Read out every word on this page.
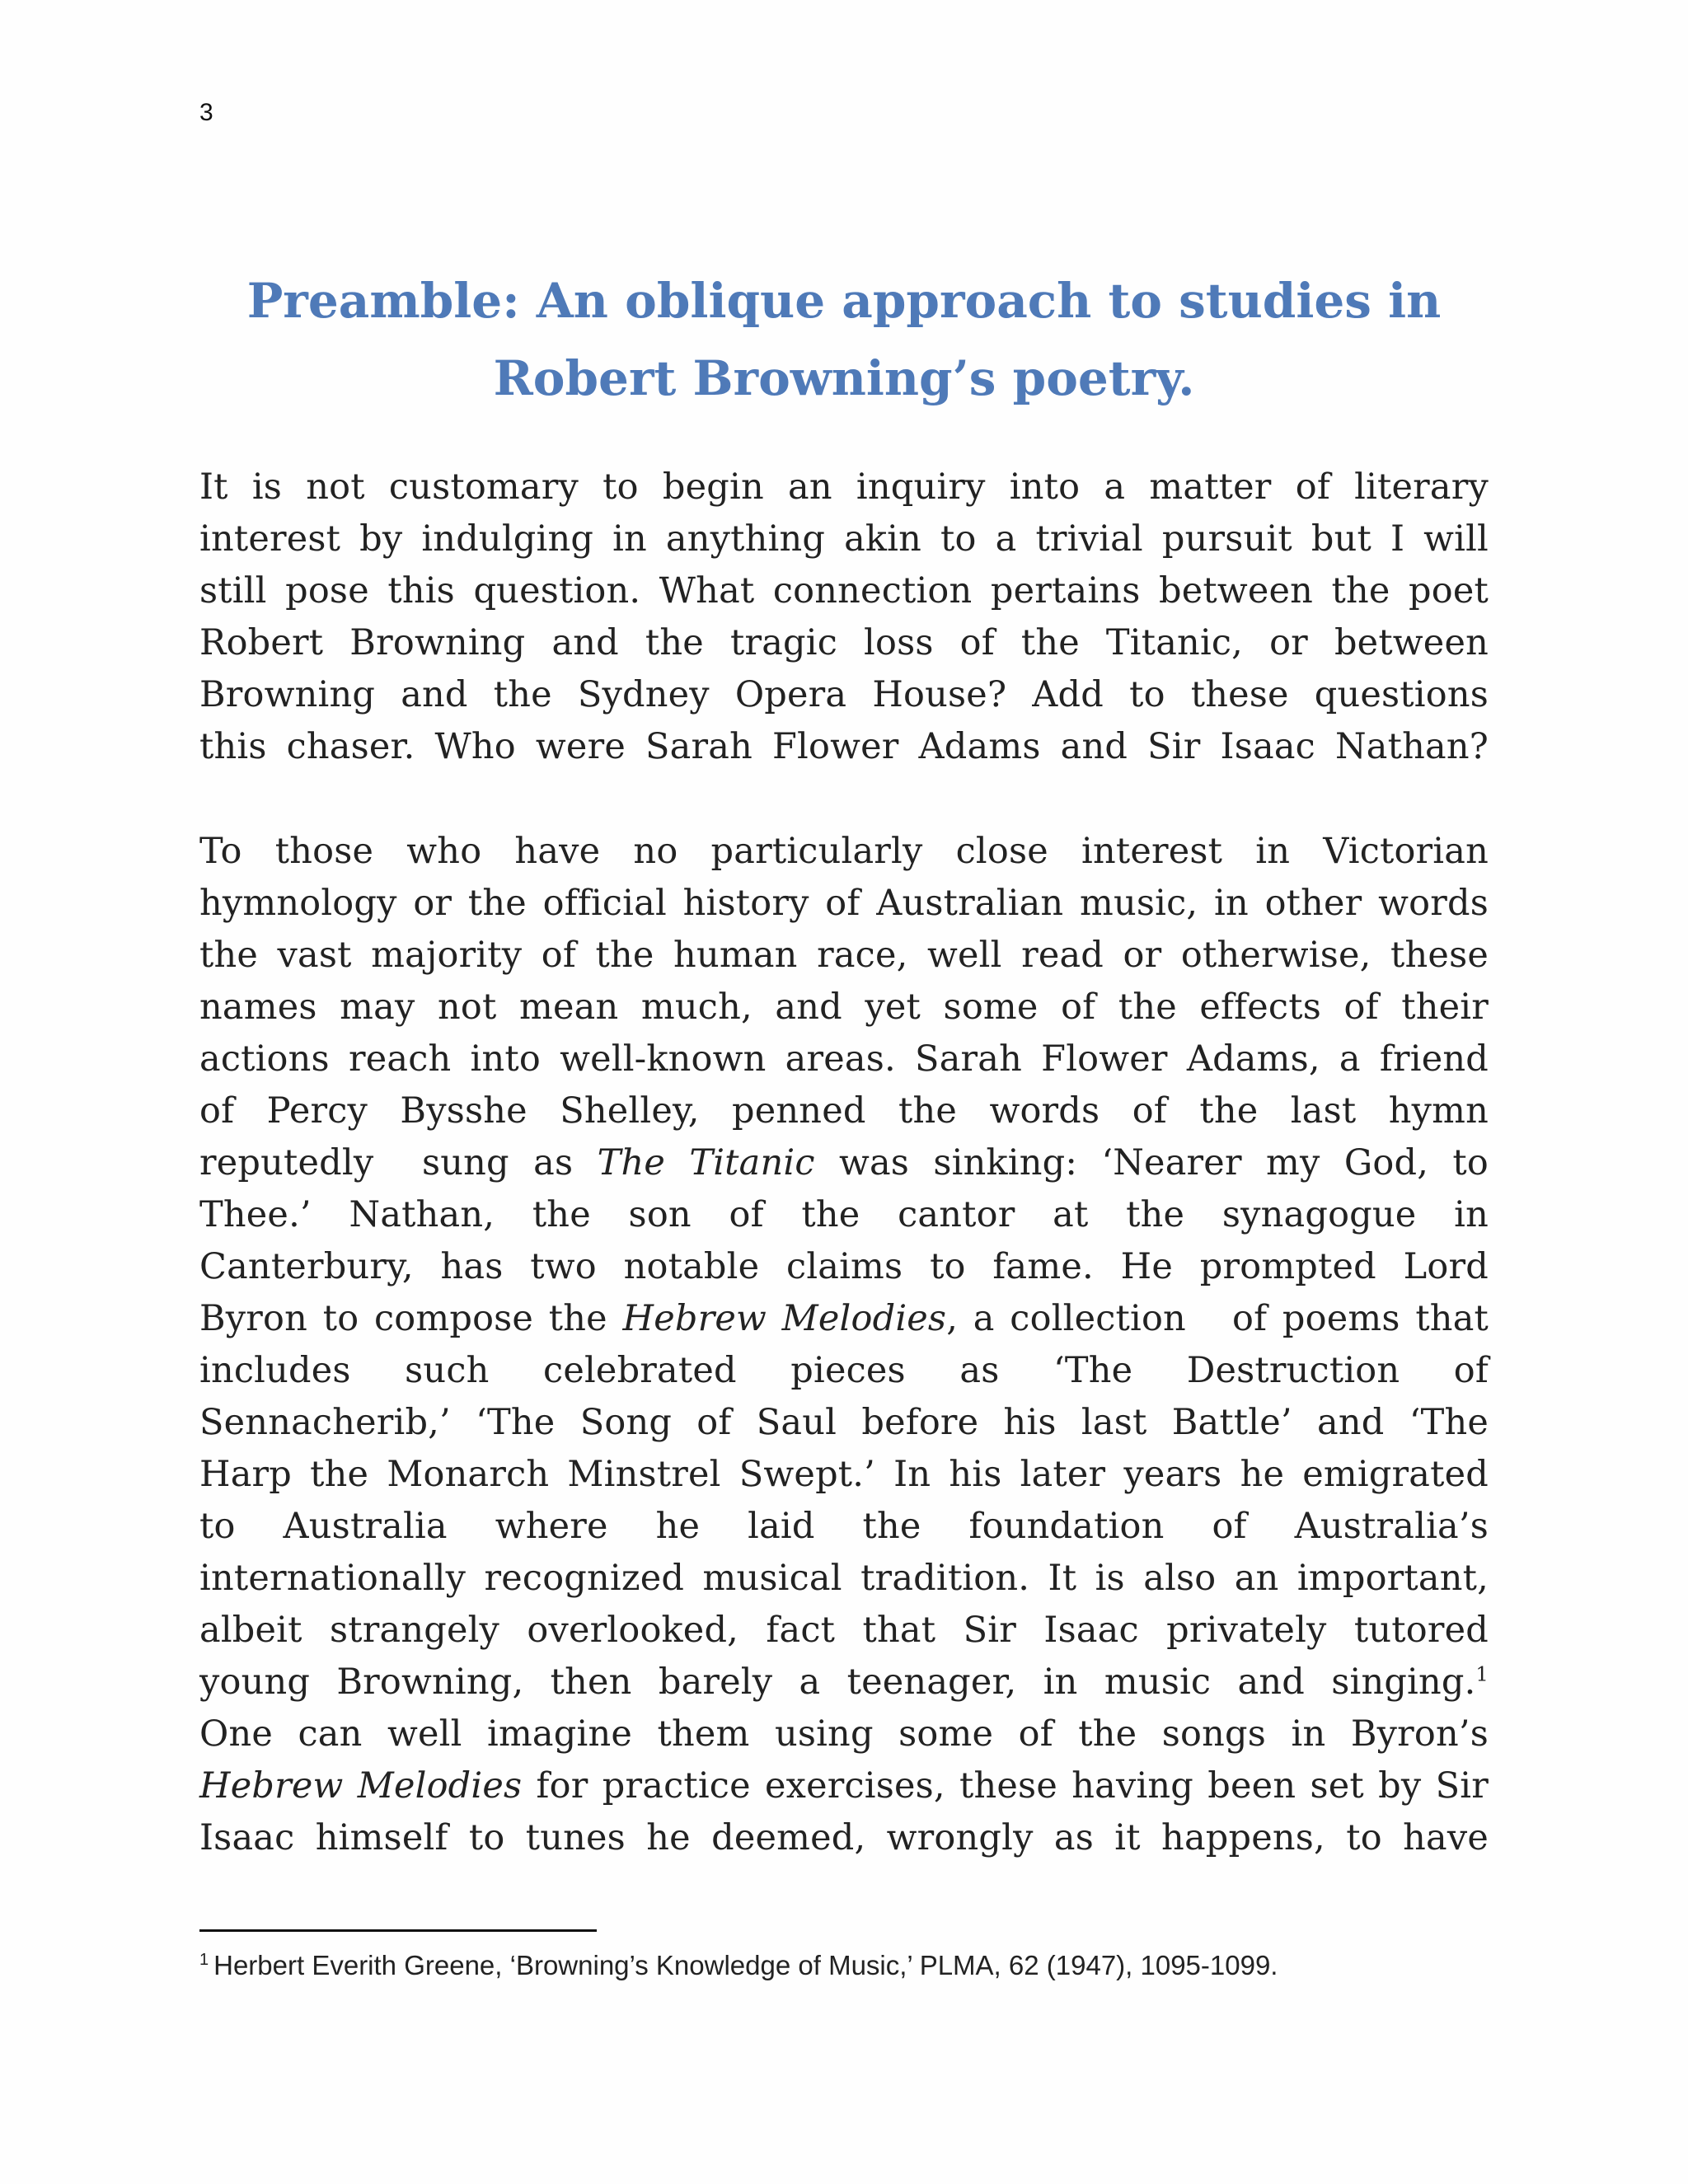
3
Preamble: An oblique approach to studies in
Robert Browning’s poetry.
It is not customary to begin an inquiry into a matter of literary
interest by indulging in anything akin to a trivial pursuit but I will
still pose this question. What connection pertains between the poet
Robert Browning and the tragic loss of the Titanic, or between
Browning and the Sydney Opera House? Add to these questions
this chaser. Who were Sarah Flower Adams and Sir Isaac Nathan?
To those who have no particularly close interest in Victorian
hymnology or the official history of Australian music, in other words
the vast majority of the human race, well read or otherwise, these
names may not mean much, and yet some of the effects of their
actions reach into well-known areas. Sarah Flower Adams, a friend
of Percy Bysshe Shelley, penned the words of the last hymn
reputedly  sung as The Titanic was sinking: ‘Nearer my God, to
Thee.’ Nathan, the son of the cantor at the synagogue in
Canterbury, has two notable claims to fame. He prompted Lord
Byron to compose the Hebrew Melodies, a collection   of poems that
includes such celebrated pieces as ‘The Destruction of
Sennacherib,’ ‘The Song of Saul before his last Battle’ and ‘The
Harp the Monarch Minstrel Swept.’ In his later years he emigrated
to Australia where he laid the foundation of Australia’s
internationally recognized musical tradition. It is also an important,
albeit strangely overlooked, fact that Sir Isaac privately tutored
young Browning, then barely a teenager, in music and singing.$^1$
One can well imagine them using some of the songs in Byron’s
Hebrew Melodies for practice exercises, these having been set by Sir
Isaac himself to tunes he deemed, wrongly as it happens, to have
$^1$ Herbert Everith Greene, ‘Browning’s Knowledge of Music,’ PLMA, 62 (1947), 1095-1099.
